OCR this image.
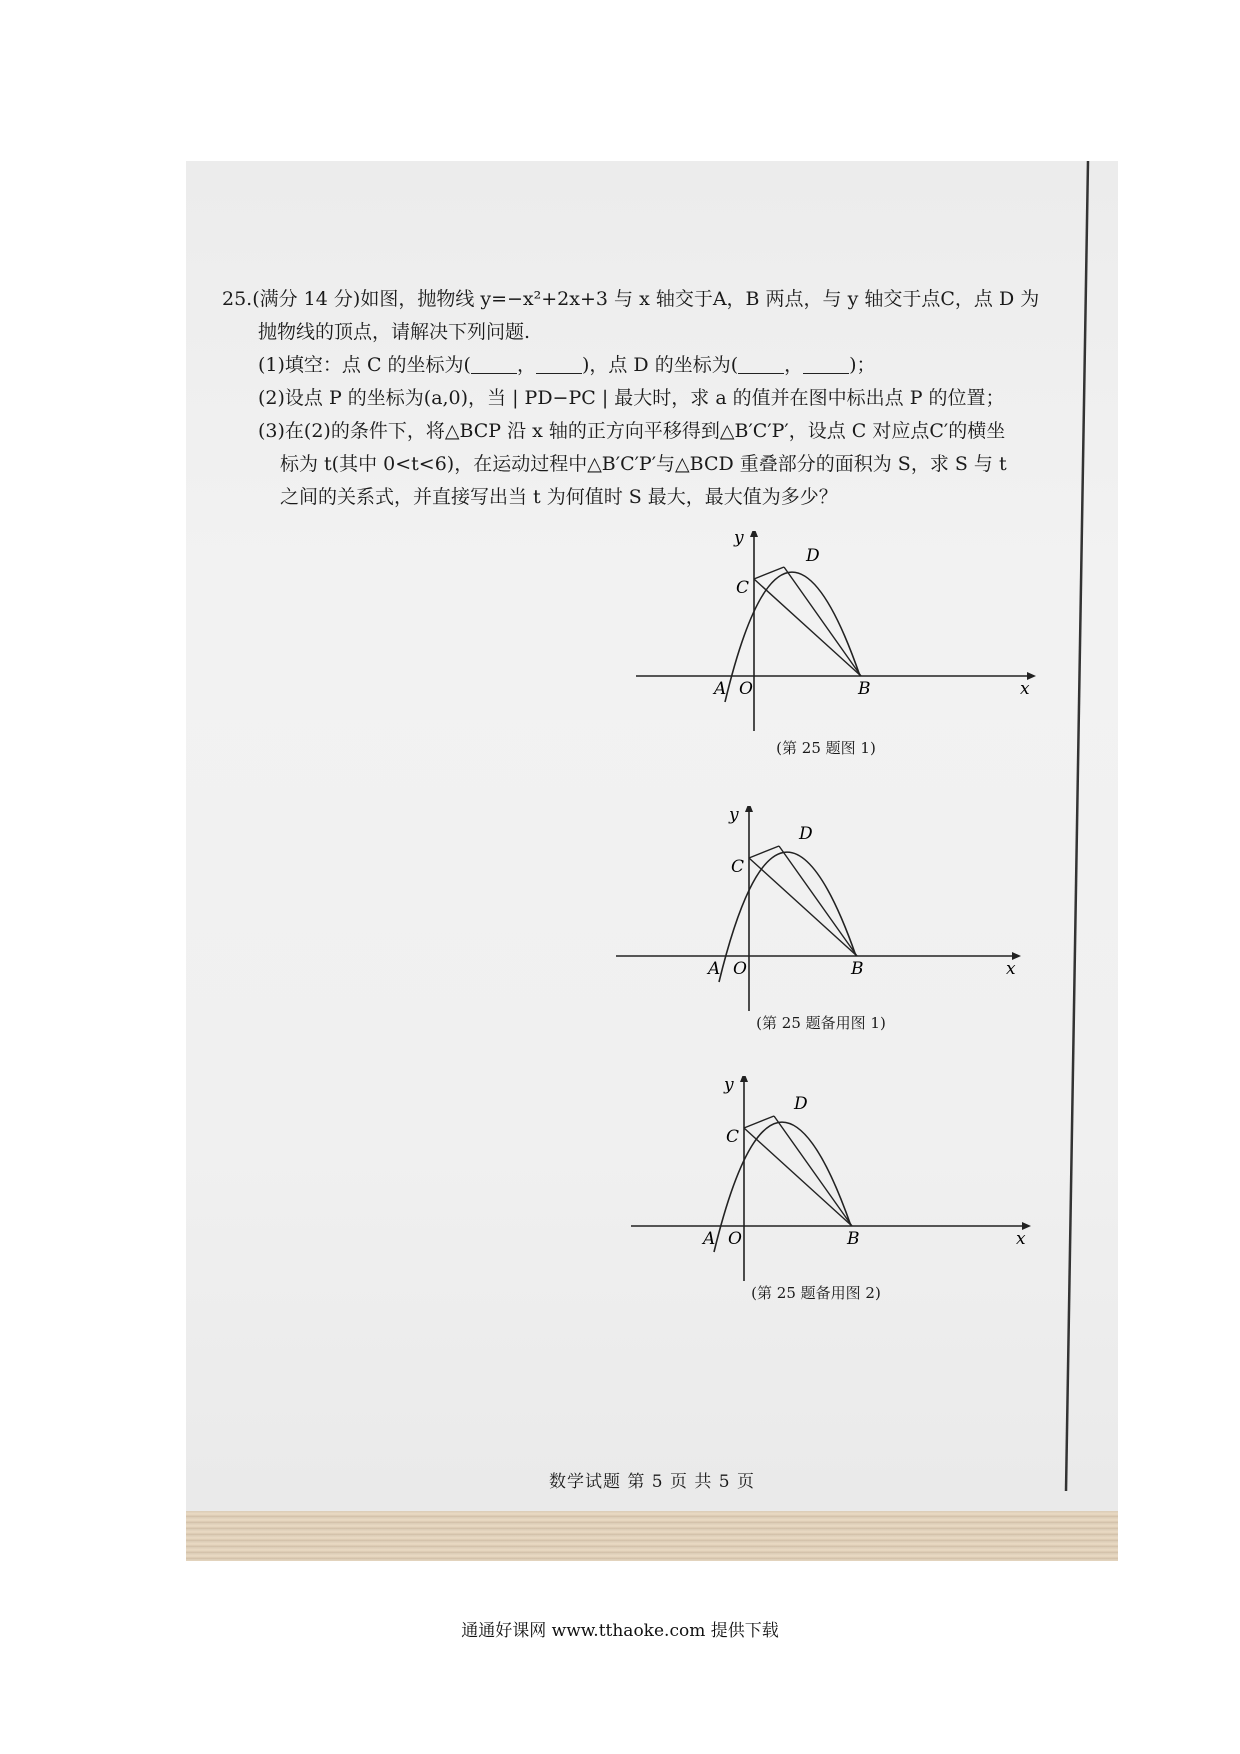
25.(满分 14 分)如图，抛物线 y=−x²+2x+3 与 x 轴交于A，B 两点，与 y 轴交于点C，点 D 为
抛物线的顶点，请解决下列问题.
(1)填空：点 C 的坐标为( ， )，点 D 的坐标为( ， )；
(2)设点 P 的坐标为(a,0)，当 | PD−PC | 最大时，求 a 的值并在图中标出点 P 的位置；
(3)在(2)的条件下，将△BCP 沿 x 轴的正方向平移得到△B′C′P′，设点 C 对应点C′的横坐
标为 t(其中 0<t<6)，在运动过程中△B′C′P′与△BCD 重叠部分的面积为 S，求 S 与 t
之间的关系式，并直接写出当 t 为何值时 S 最大，最大值为多少？
y
D
C
A O	B	x
(第 25 题图 1)
y
D
C
A O	B	x
(第 25 题备用图 1)
y
D
C
A O	B	x
(第 25 题备用图 2)
数学试题 第 5 页 共 5 页
通通好课网 www.tthaoke.com 提供下载
